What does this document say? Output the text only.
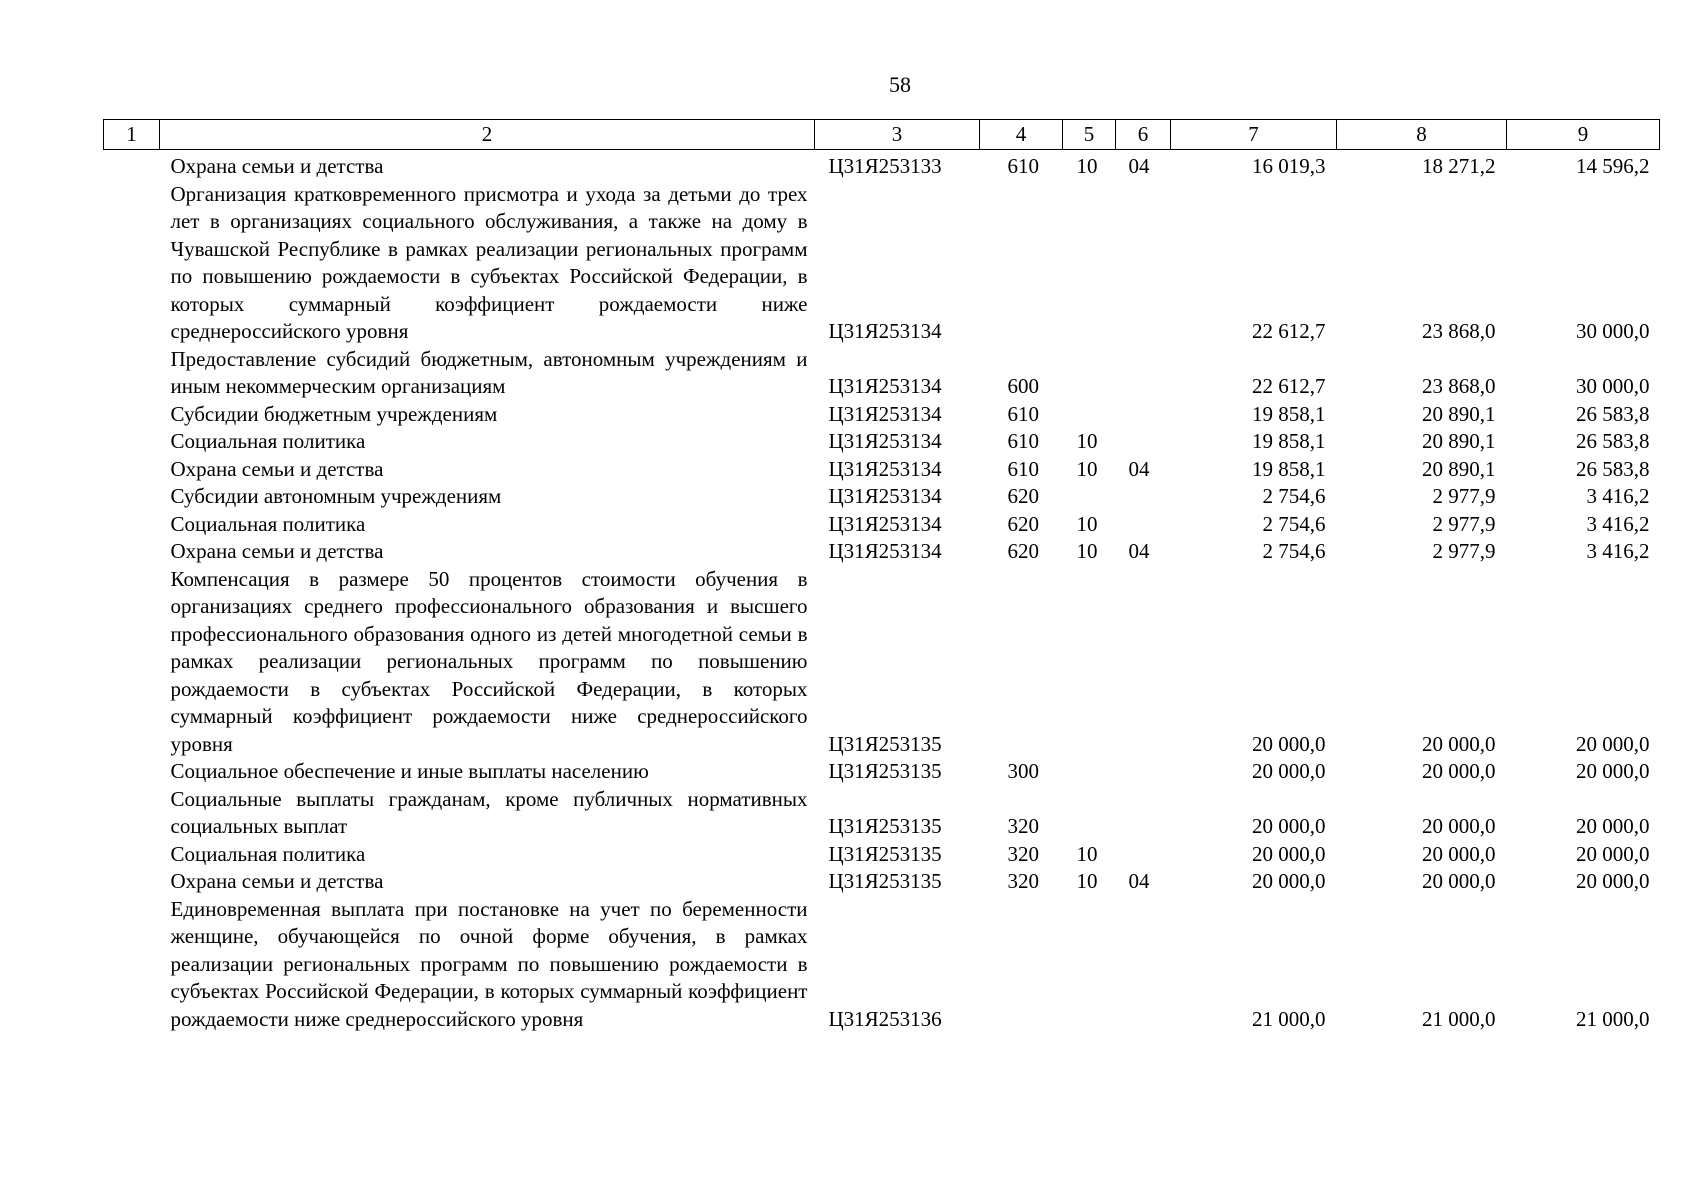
58
1	2	3	4	5	6	7	8	9
	Охрана семьи и детства	Ц31Я253133	610	10	04	16 019,3	18 271,2	14 596,2
	Организация кратковременного присмотра и ухода за детьми до трех лет в организациях социального обслуживания, а также на дому в Чувашской Республике в рамках реализации региональных программ по повышению рождаемости в субъектах Российской Федерации, в которых суммарный коэффициент рождаемости ниже среднероссийского уровня	Ц31Я253134				22 612,7	23 868,0	30 000,0
	Предоставление субсидий бюджетным, автономным учреждениям и иным некоммерческим организациям	Ц31Я253134	600			22 612,7	23 868,0	30 000,0
	Субсидии бюджетным учреждениям	Ц31Я253134	610			19 858,1	20 890,1	26 583,8
	Социальная политика	Ц31Я253134	610	10		19 858,1	20 890,1	26 583,8
	Охрана семьи и детства	Ц31Я253134	610	10	04	19 858,1	20 890,1	26 583,8
	Субсидии автономным учреждениям	Ц31Я253134	620			2 754,6	2 977,9	3 416,2
	Социальная политика	Ц31Я253134	620	10		2 754,6	2 977,9	3 416,2
	Охрана семьи и детства	Ц31Я253134	620	10	04	2 754,6	2 977,9	3 416,2
	Компенсация в размере 50 процентов стоимости обучения в организациях среднего профессионального образования и высшего профессионального образования одного из детей многодетной семьи в рамках реализации региональных программ по повышению рождаемости в субъектах Российской Федерации, в которых суммарный коэффициент рождаемости ниже среднероссийского уровня	Ц31Я253135				20 000,0	20 000,0	20 000,0
	Социальное обеспечение и иные выплаты населению	Ц31Я253135	300			20 000,0	20 000,0	20 000,0
	Социальные выплаты гражданам, кроме публичных нормативных социальных выплат	Ц31Я253135	320			20 000,0	20 000,0	20 000,0
	Социальная политика	Ц31Я253135	320	10		20 000,0	20 000,0	20 000,0
	Охрана семьи и детства	Ц31Я253135	320	10	04	20 000,0	20 000,0	20 000,0
	Единовременная выплата при постановке на учет по беременности женщине, обучающейся по очной форме обучения, в рамках реализации региональных программ по повышению рождаемости в субъектах Российской Федерации, в которых суммарный коэффициент рождаемости ниже среднероссийского уровня	Ц31Я253136				21 000,0	21 000,0	21 000,0
